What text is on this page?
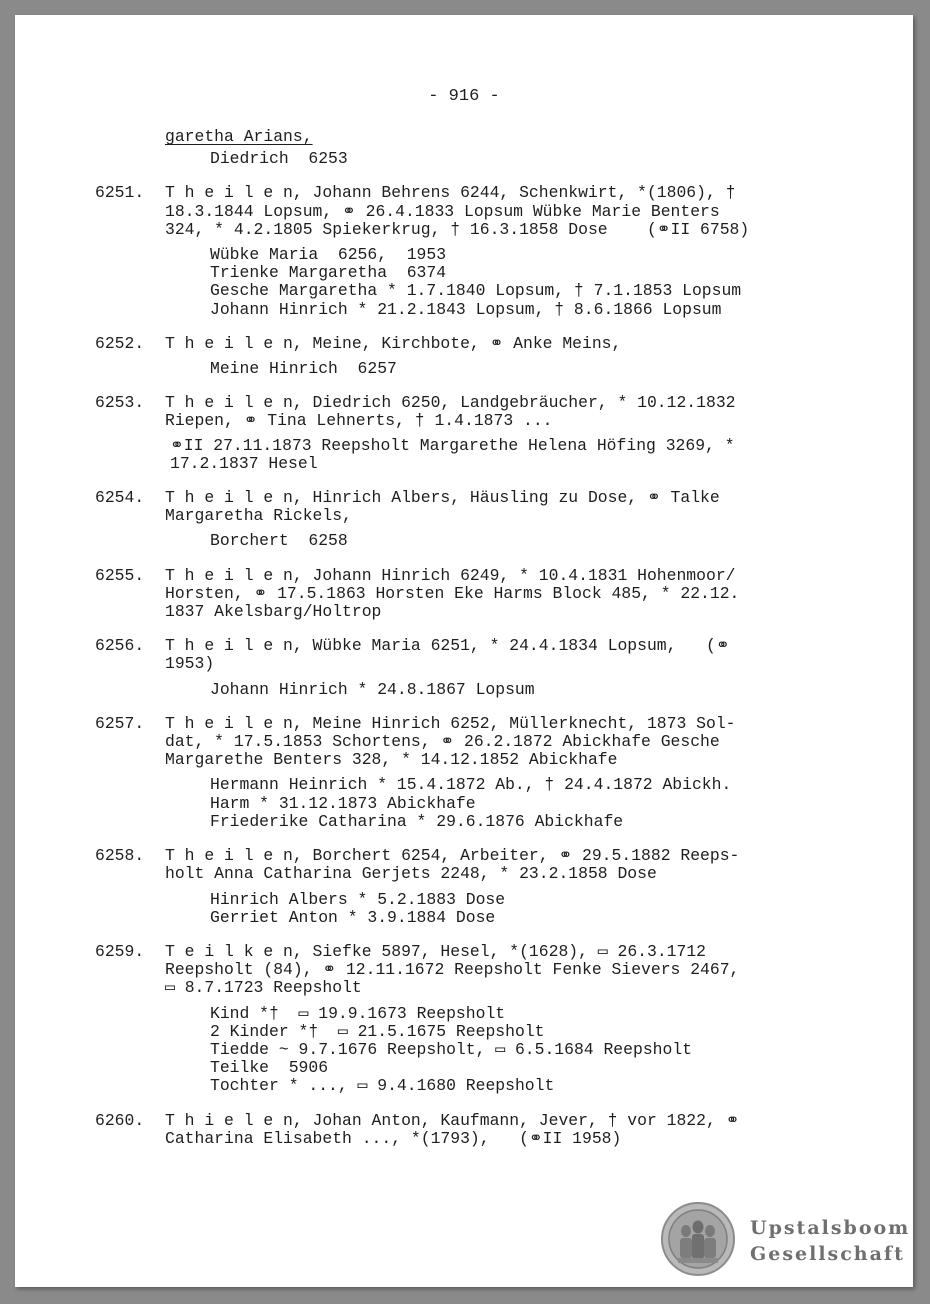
- 916 -
garetha Arians,
Diedrich  6253
6251.	T h e i l e n, Johann Behrens 6244, Schenkwirt, *(1806), †
18.3.1844 Lopsum, ⚭ 26.4.1833 Lopsum Wübke Marie Benters
324, * 4.2.1805 Spiekerkrug, † 16.3.1858 Dose    (⚭II 6758)
Wübke Maria  6256,  1953
Trienke Margaretha  6374
Gesche Margaretha * 1.7.1840 Lopsum, † 7.1.1853 Lopsum
Johann Hinrich * 21.2.1843 Lopsum, † 8.6.1866 Lopsum
6252.	T h e i l e n, Meine, Kirchbote, ⚭ Anke Meins,
Meine Hinrich  6257
6253.	T h e i l e n, Diedrich 6250, Landgebräucher, * 10.12.1832
Riepen, ⚭ Tina Lehnerts, † 1.4.1873 ...
⚭II 27.11.1873 Reepsholt Margarethe Helena Höfing 3269, *
17.2.1837 Hesel
6254.	T h e i l e n, Hinrich Albers, Häusling zu Dose, ⚭ Talke
Margaretha Rickels,
Borchert  6258
6255.	T h e i l e n, Johann Hinrich 6249, * 10.4.1831 Hohenmoor/
Horsten, ⚭ 17.5.1863 Horsten Eke Harms Block 485, * 22.12.
1837 Akelsbarg/Holtrop
6256.	T h e i l e n, Wübke Maria 6251, * 24.4.1834 Lopsum,   (⚭
1953)
Johann Hinrich * 24.8.1867 Lopsum
6257.	T h e i l e n, Meine Hinrich 6252, Müllerknecht, 1873 Sol-
dat, * 17.5.1853 Schortens, ⚭ 26.2.1872 Abickhafe Gesche
Margarethe Benters 328, * 14.12.1852 Abickhafe
Hermann Heinrich * 15.4.1872 Ab., † 24.4.1872 Abickh.
Harm * 31.12.1873 Abickhafe
Friederike Catharina * 29.6.1876 Abickhafe
6258.	T h e i l e n, Borchert 6254, Arbeiter, ⚭ 29.5.1882 Reeps-
holt Anna Catharina Gerjets 2248, * 23.2.1858 Dose
Hinrich Albers * 5.2.1883 Dose
Gerriet Anton * 3.9.1884 Dose
6259.	T e i l k e n, Siefke 5897, Hesel, *(1628), ▭ 26.3.1712
Reepsholt (84), ⚭ 12.11.1672 Reepsholt Fenke Sievers 2467,
▭ 8.7.1723 Reepsholt
Kind *†  ▭ 19.9.1673 Reepsholt
2 Kinder *†  ▭ 21.5.1675 Reepsholt
Tiedde ~ 9.7.1676 Reepsholt, ▭ 6.5.1684 Reepsholt
Teilke  5906
Tochter * ..., ▭ 9.4.1680 Reepsholt
6260.	T h i e l e n, Johan Anton, Kaufmann, Jever, † vor 1822, ⚭
Catharina Elisabeth ..., *(1793),   (⚭II 1958)
Upstalsboom
Gesellschaft
